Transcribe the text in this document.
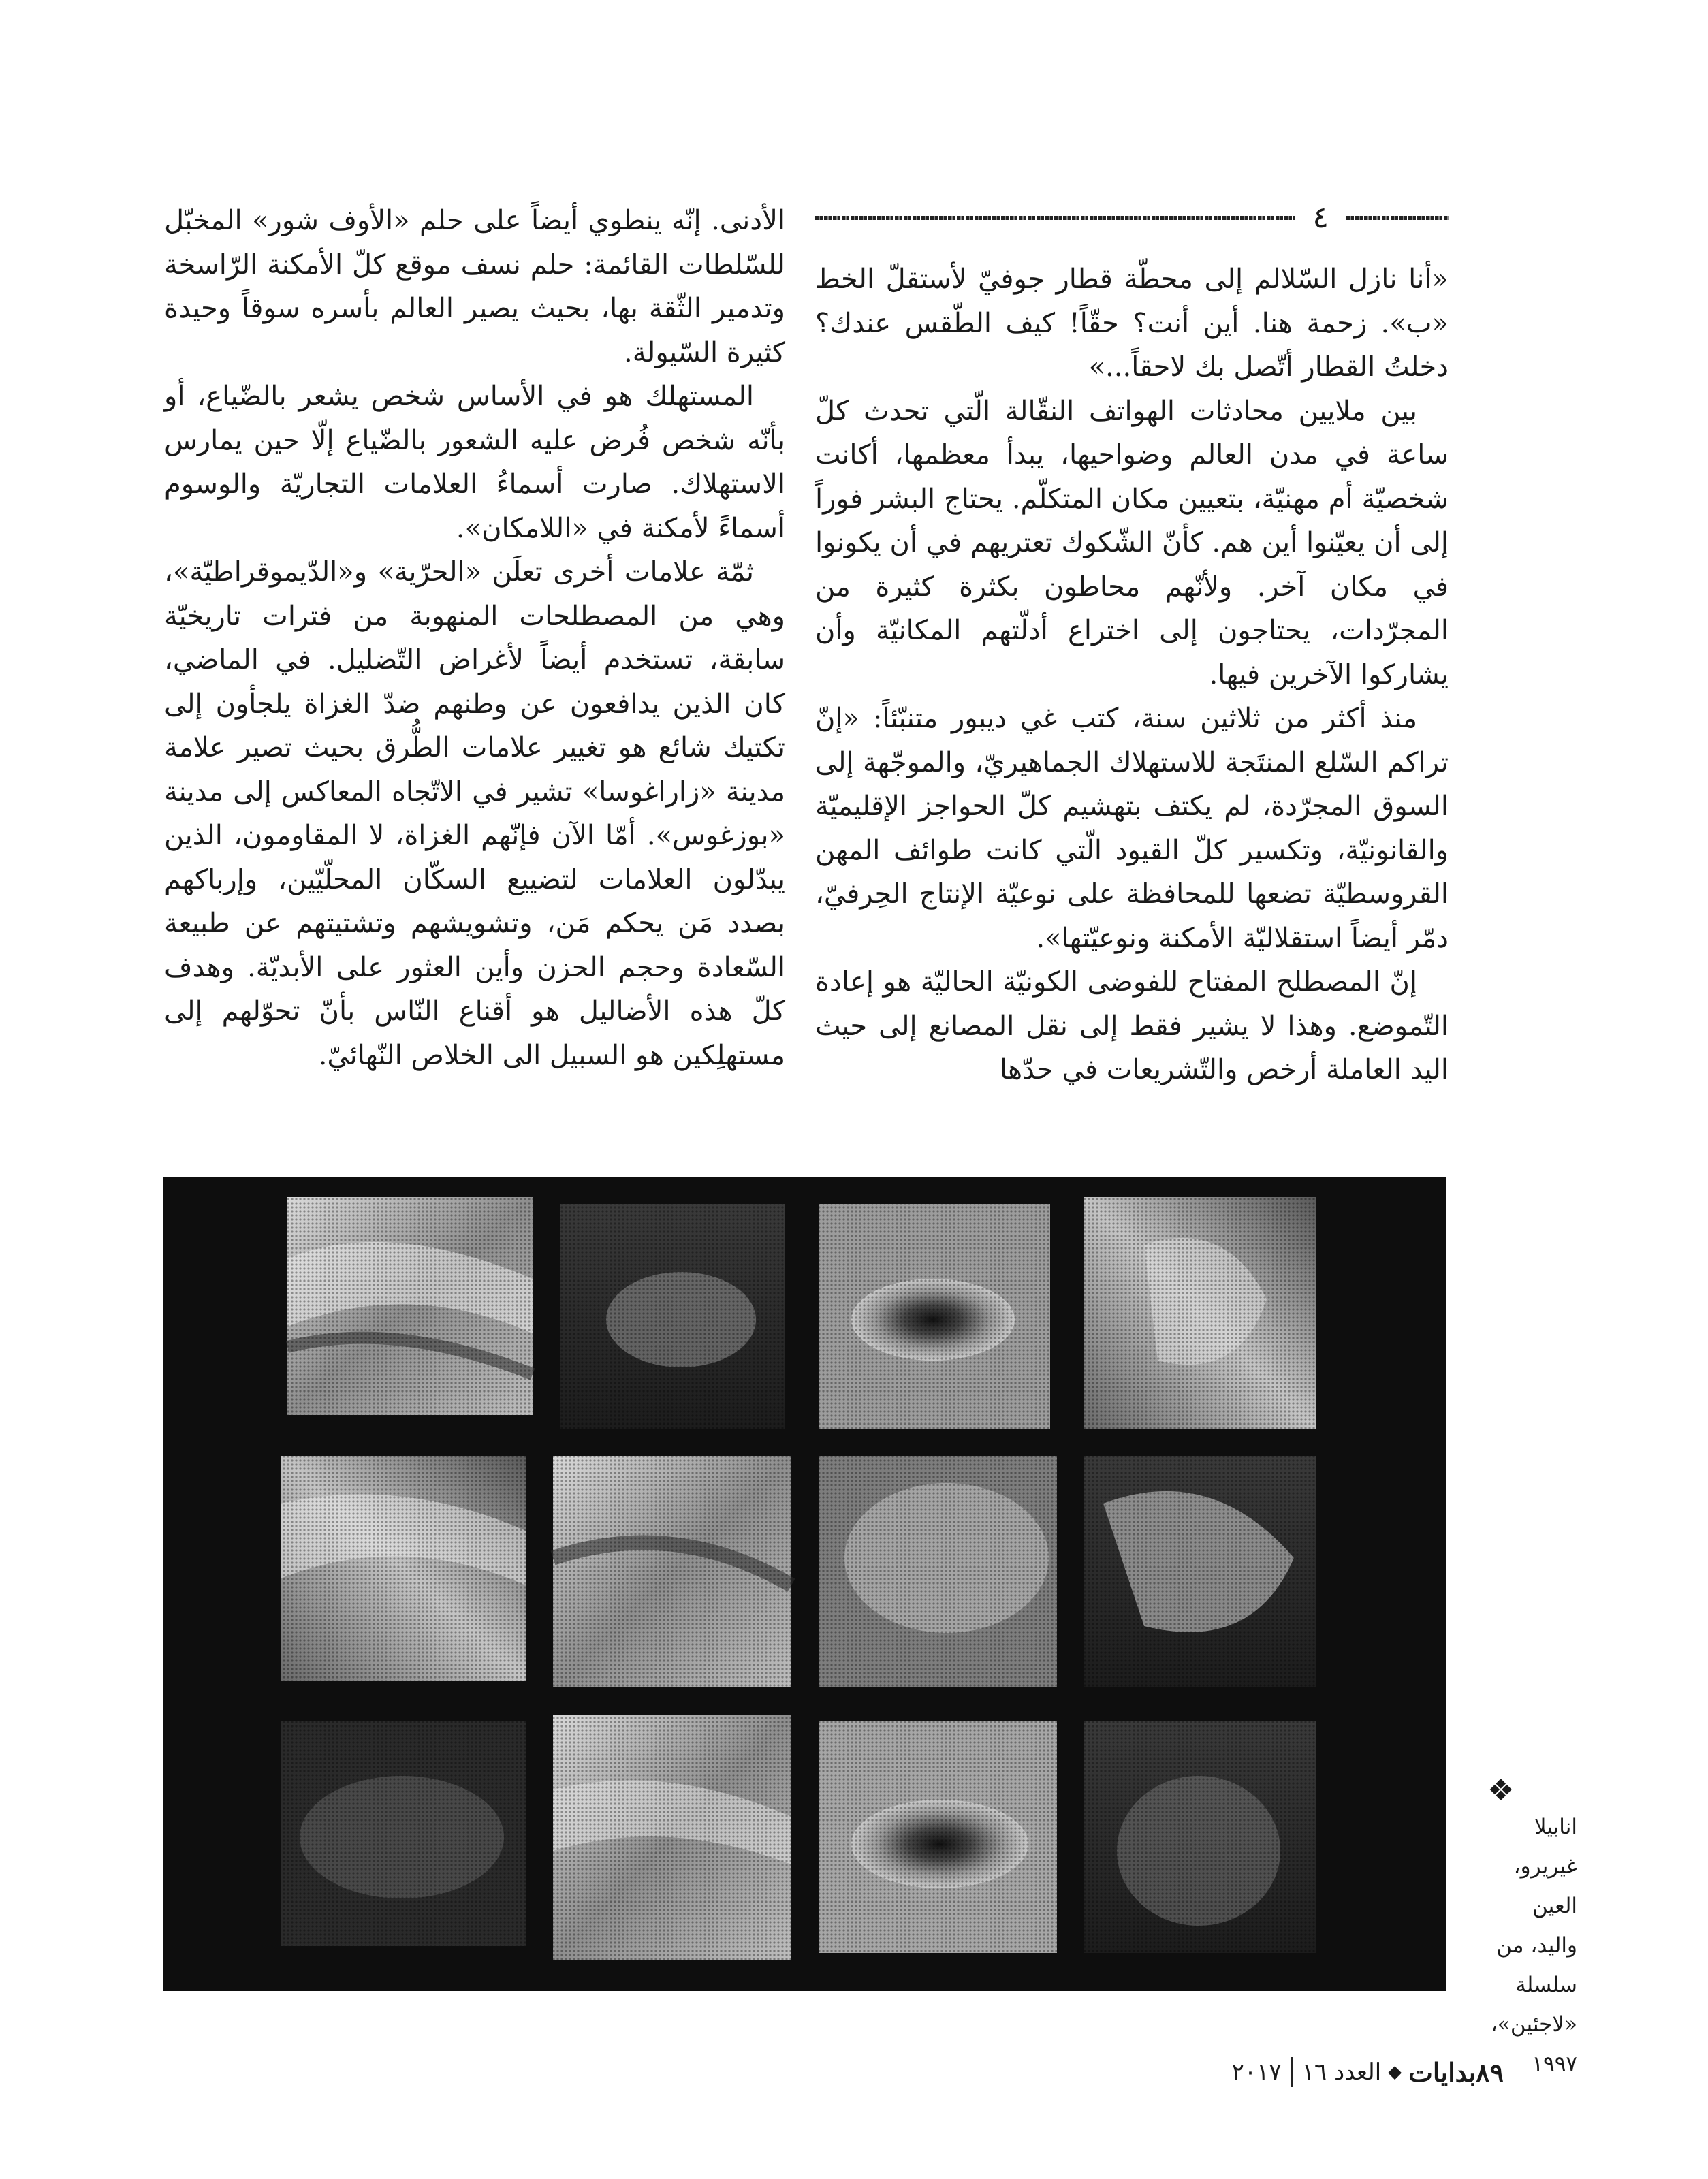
٤

«أنا نازل السّلالم إلى محطّة قطار جوفيّ لأستقلّ الخط «ب». زحمة هنا. أين أنت؟ حقّاً! كيف الطّقس عندك؟ دخلتُ القطار أتّصل بك لاحقاً...»

بين ملايين محادثات الهواتف النقّالة الّتي تحدث كلّ ساعة في مدن العالم وضواحيها، يبدأ معظمها، أكانت شخصيّة أم مهنيّة، بتعيين مكان المتكلّم. يحتاج البشر فوراً إلى أن يعيّنوا أين هم. كأنّ الشّكوك تعتريهم في أن يكونوا في مكان آخر. ولأنّهم محاطون بكثرة كثيرة من المجرّدات، يحتاجون إلى اختراع أدلّتهم المكانيّة وأن يشاركوا الآخرين فيها.

منذ أكثر من ثلاثين سنة، كتب غي ديبور متنبّئاً: «إنّ تراكم السّلع المنتَجة للاستهلاك الجماهيريّ، والموجّهة إلى السوق المجرّدة، لم يكتف بتهشيم كلّ الحواجز الإقليميّة والقانونيّة، وتكسير كلّ القيود الّتي كانت طوائف المهن القروسطيّة تضعها للمحافظة على نوعيّة الإنتاج الحِرفيّ، دمّر أيضاً استقلاليّة الأمكنة ونوعيّتها».

إنّ المصطلح المفتاح للفوضى الكونيّة الحاليّة هو إعادة التّموضع. وهذا لا يشير فقط إلى نقل المصانع إلى حيث اليد العاملة أرخص والتّشريعات في حدّها

الأدنى. إنّه ينطوي أيضاً على حلم «الأوف شور» المخبّل للسّلطات القائمة: حلم نسف موقع كلّ الأمكنة الرّاسخة وتدمير الثّقة بها، بحيث يصير العالم بأسره سوقاً وحيدة كثيرة السّيولة.

المستهلك هو في الأساس شخص يشعر بالضّياع، أو بأنّه شخص فُرض عليه الشعور بالضّياع إلّا حين يمارس الاستهلاك. صارت أسماءُ العلامات التجاريّة والوسوم أسماءً لأمكنة في «اللامكان».

ثمّة علامات أخرى تعلَن «الحرّية» و«الدّيموقراطيّة»، وهي من المصطلحات المنهوبة من فترات تاريخيّة سابقة، تستخدم أيضاً لأغراض التّضليل. في الماضي، كان الذين يدافعون عن وطنهم ضدّ الغزاة يلجأون إلى تكتيك شائع هو تغيير علامات الطُّرق بحيث تصير علامة مدينة «زاراغوسا» تشير في الاتّجاه المعاكس إلى مدينة «بوزغوس». أمّا الآن فإنّهم الغزاة، لا المقاومون، الذين يبدّلون العلامات لتضييع السكّان المحلّيّين، وإرباكهم بصدد مَن يحكم مَن، وتشويشهم وتشتيتهم عن طبيعة السّعادة وحجم الحزن وأين العثور على الأبديّة. وهدف كلّ هذه الأضاليل هو أقناع النّاس بأنّ تحوّلهم إلى مستهلِكين هو السبيل الى الخلاص النّهائيّ.

❖
انابيلا غيريرو، العين
واليد، من سلسلة
«لاجئين»، ١٩٩٧
٨٩
بدايات
◆
العدد ١٦
٢٠١٧
